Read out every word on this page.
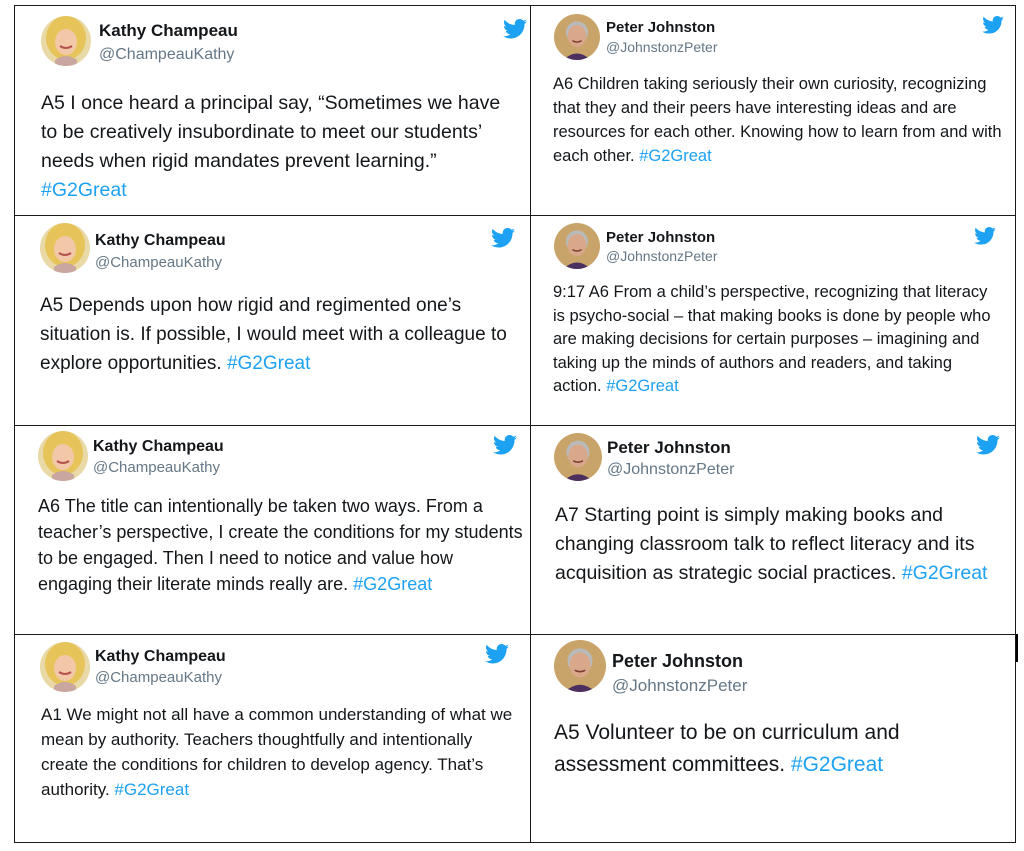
Kathy Champeau
@ChampeauKathy
A5 I once heard a principal say, “Sometimes we have to be creatively insubordinate to meet our students’ needs when rigid mandates prevent learning.” #G2Great
Peter Johnston
@JohnstonzPeter
A6 Children taking seriously their own curiosity, recognizing that they and their peers have interesting ideas and are resources for each other. Knowing how to learn from and with each other. #G2Great
Kathy Champeau
@ChampeauKathy
A5 Depends upon how rigid and regimented one’s situation is. If possible, I would meet with a colleague to explore opportunities. #G2Great
Peter Johnston
@JohnstonzPeter
9:17 A6 From a child’s perspective, recognizing that literacy is psycho-social – that making books is done by people who are making decisions for certain purposes – imagining and taking up the minds of authors and readers, and taking action. #G2Great
Kathy Champeau
@ChampeauKathy
A6 The title can intentionally be taken two ways. From a teacher’s perspective, I create the conditions for my students to be engaged. Then I need to notice and value how engaging their literate minds really are. #G2Great
Peter Johnston
@JohnstonzPeter
A7 Starting point is simply making books and changing classroom talk to reflect literacy and its acquisition as strategic social practices. #G2Great
Kathy Champeau
@ChampeauKathy
A1 We might not all have a common understanding of what we mean by authority. Teachers thoughtfully and intentionally create the conditions for children to develop agency. That’s authority. #G2Great
Peter Johnston
@JohnstonzPeter
A5 Volunteer to be on curriculum and assessment committees. #G2Great
